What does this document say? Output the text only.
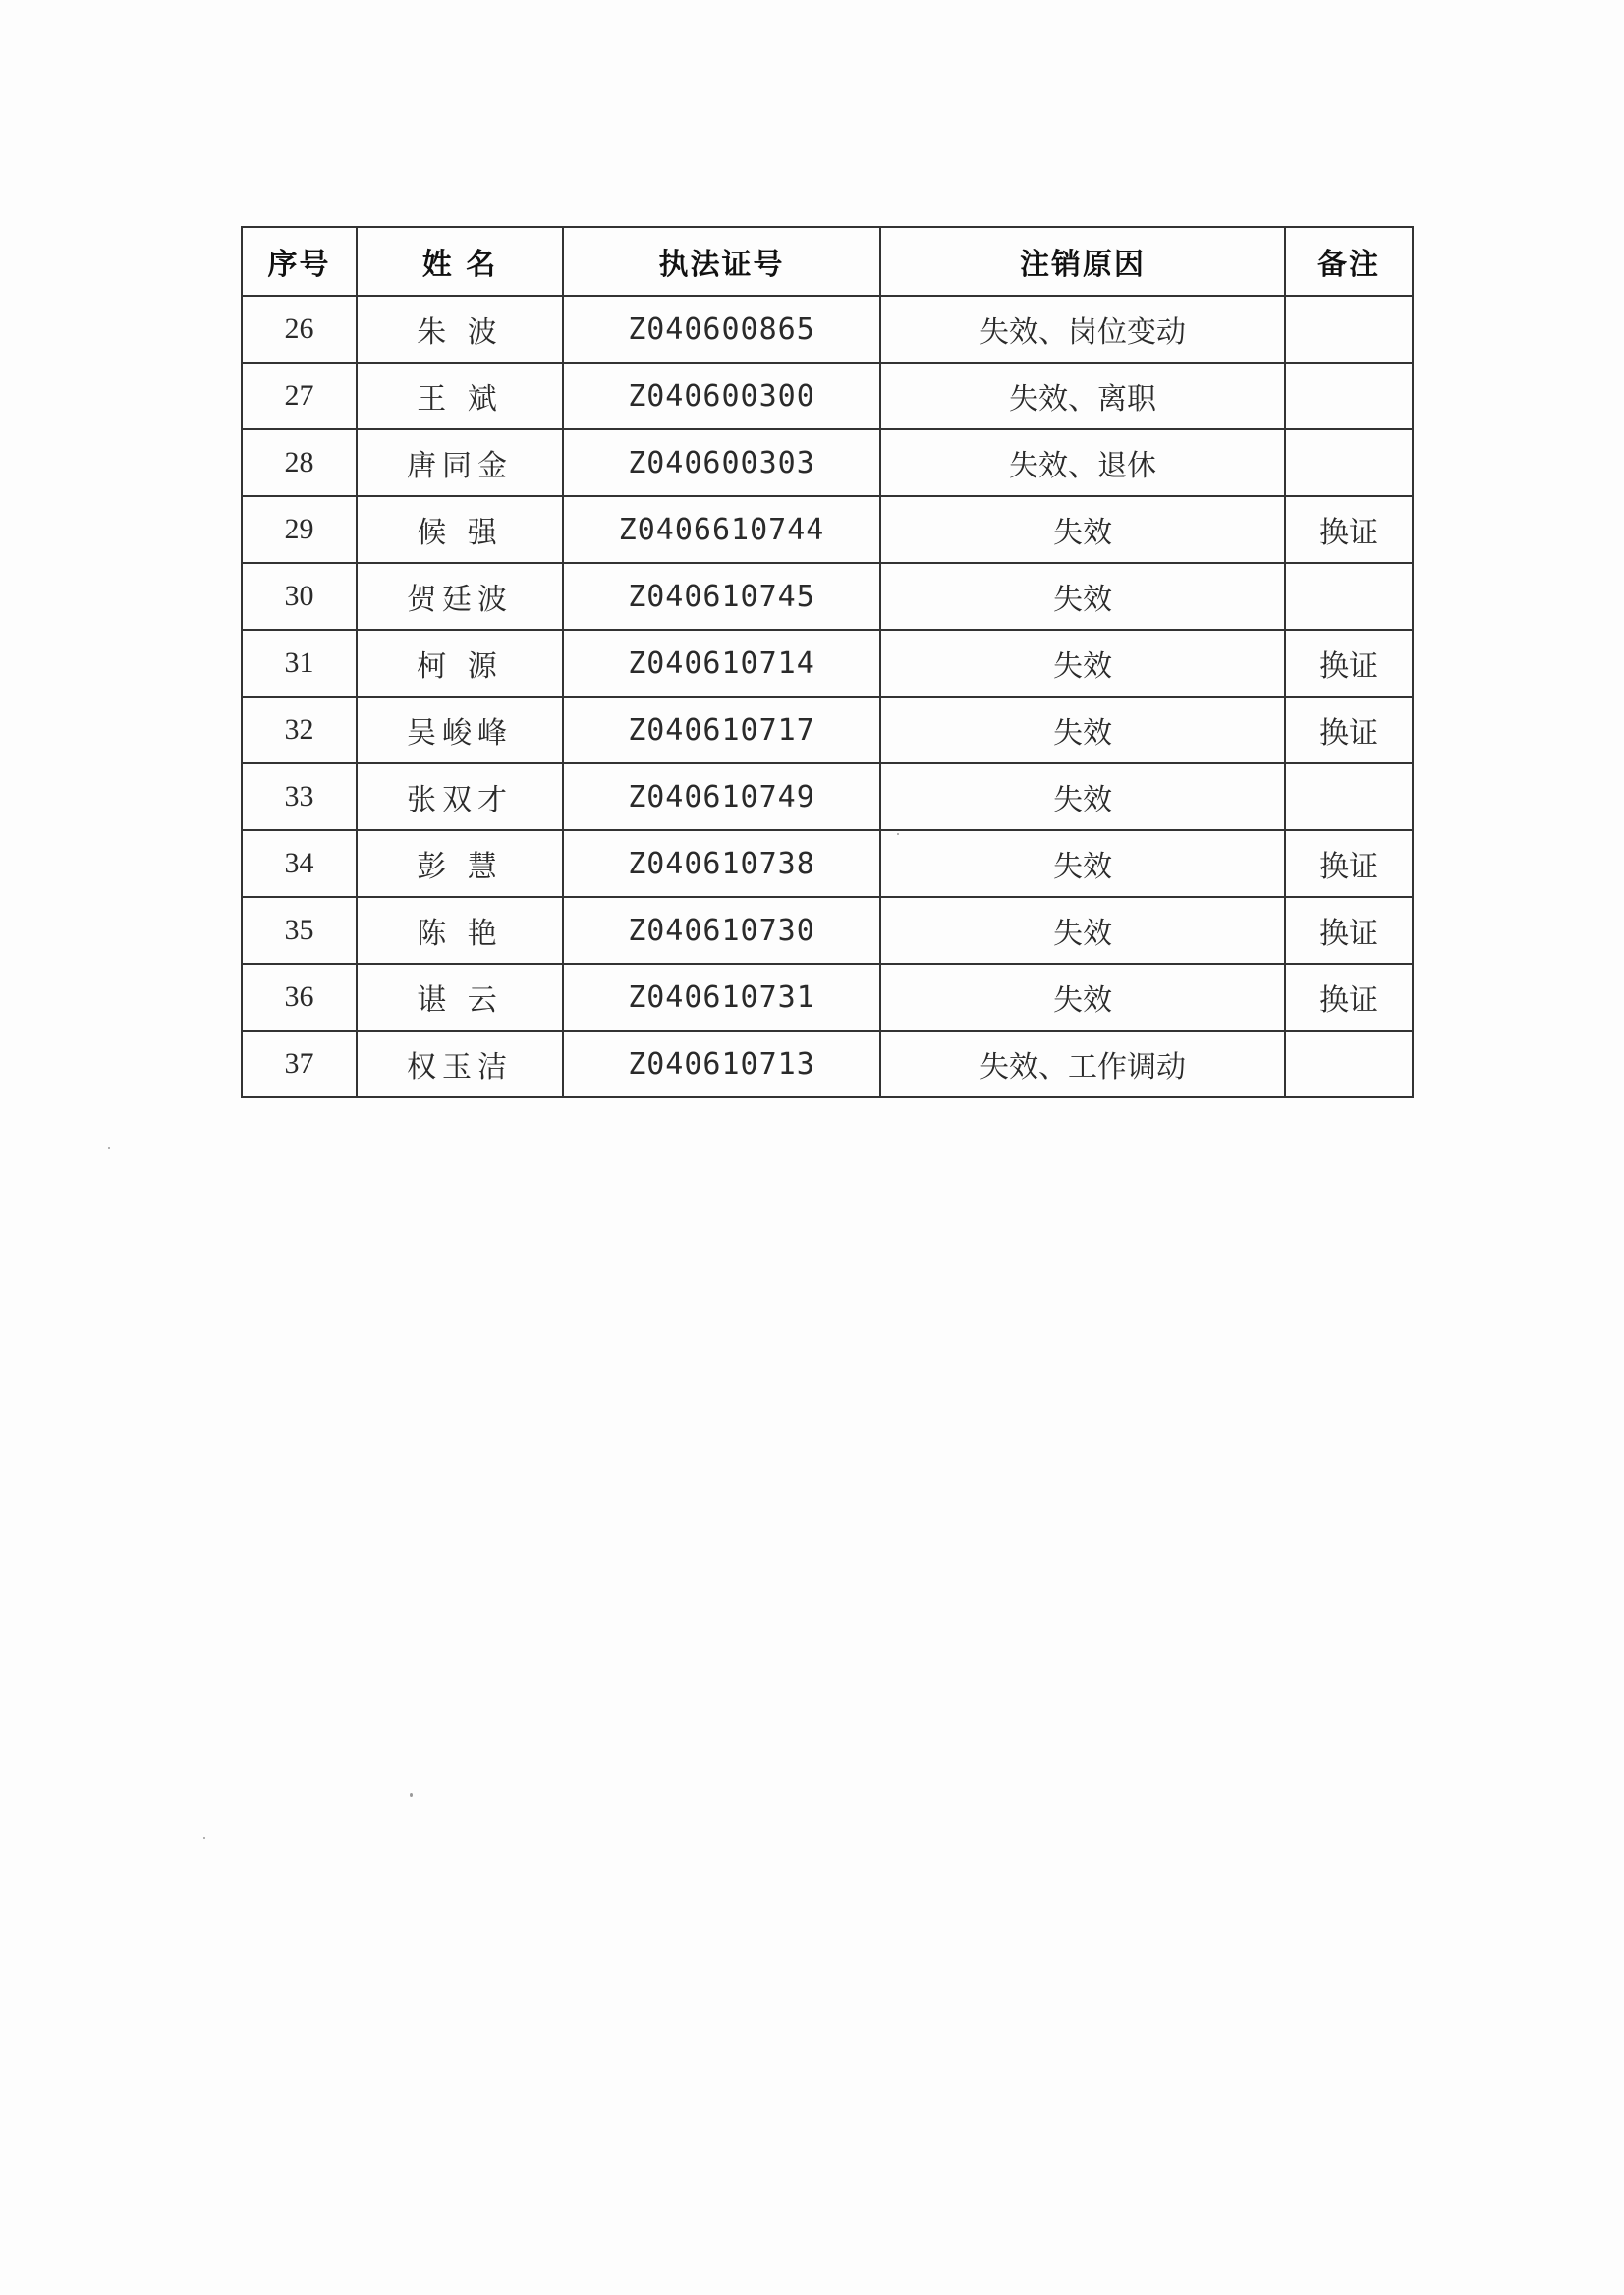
序号	姓 名	执法证号	注销原因	备注
26	朱 波	Z040600865	失效、岗位变动	
27	王 斌	Z040600300	失效、离职	
28	唐同金	Z040600303	失效、退休	
29	候 强	Z0406610744	失效	换证
30	贺廷波	Z040610745	失效	
31	柯 源	Z040610714	失效	换证
32	吴峻峰	Z040610717	失效	换证
33	张双才	Z040610749	失效	
34	彭 慧	Z040610738	失效	换证
35	陈 艳	Z040610730	失效	换证
36	谌 云	Z040610731	失效	换证
37	权玉洁	Z040610713	失效、工作调动	
